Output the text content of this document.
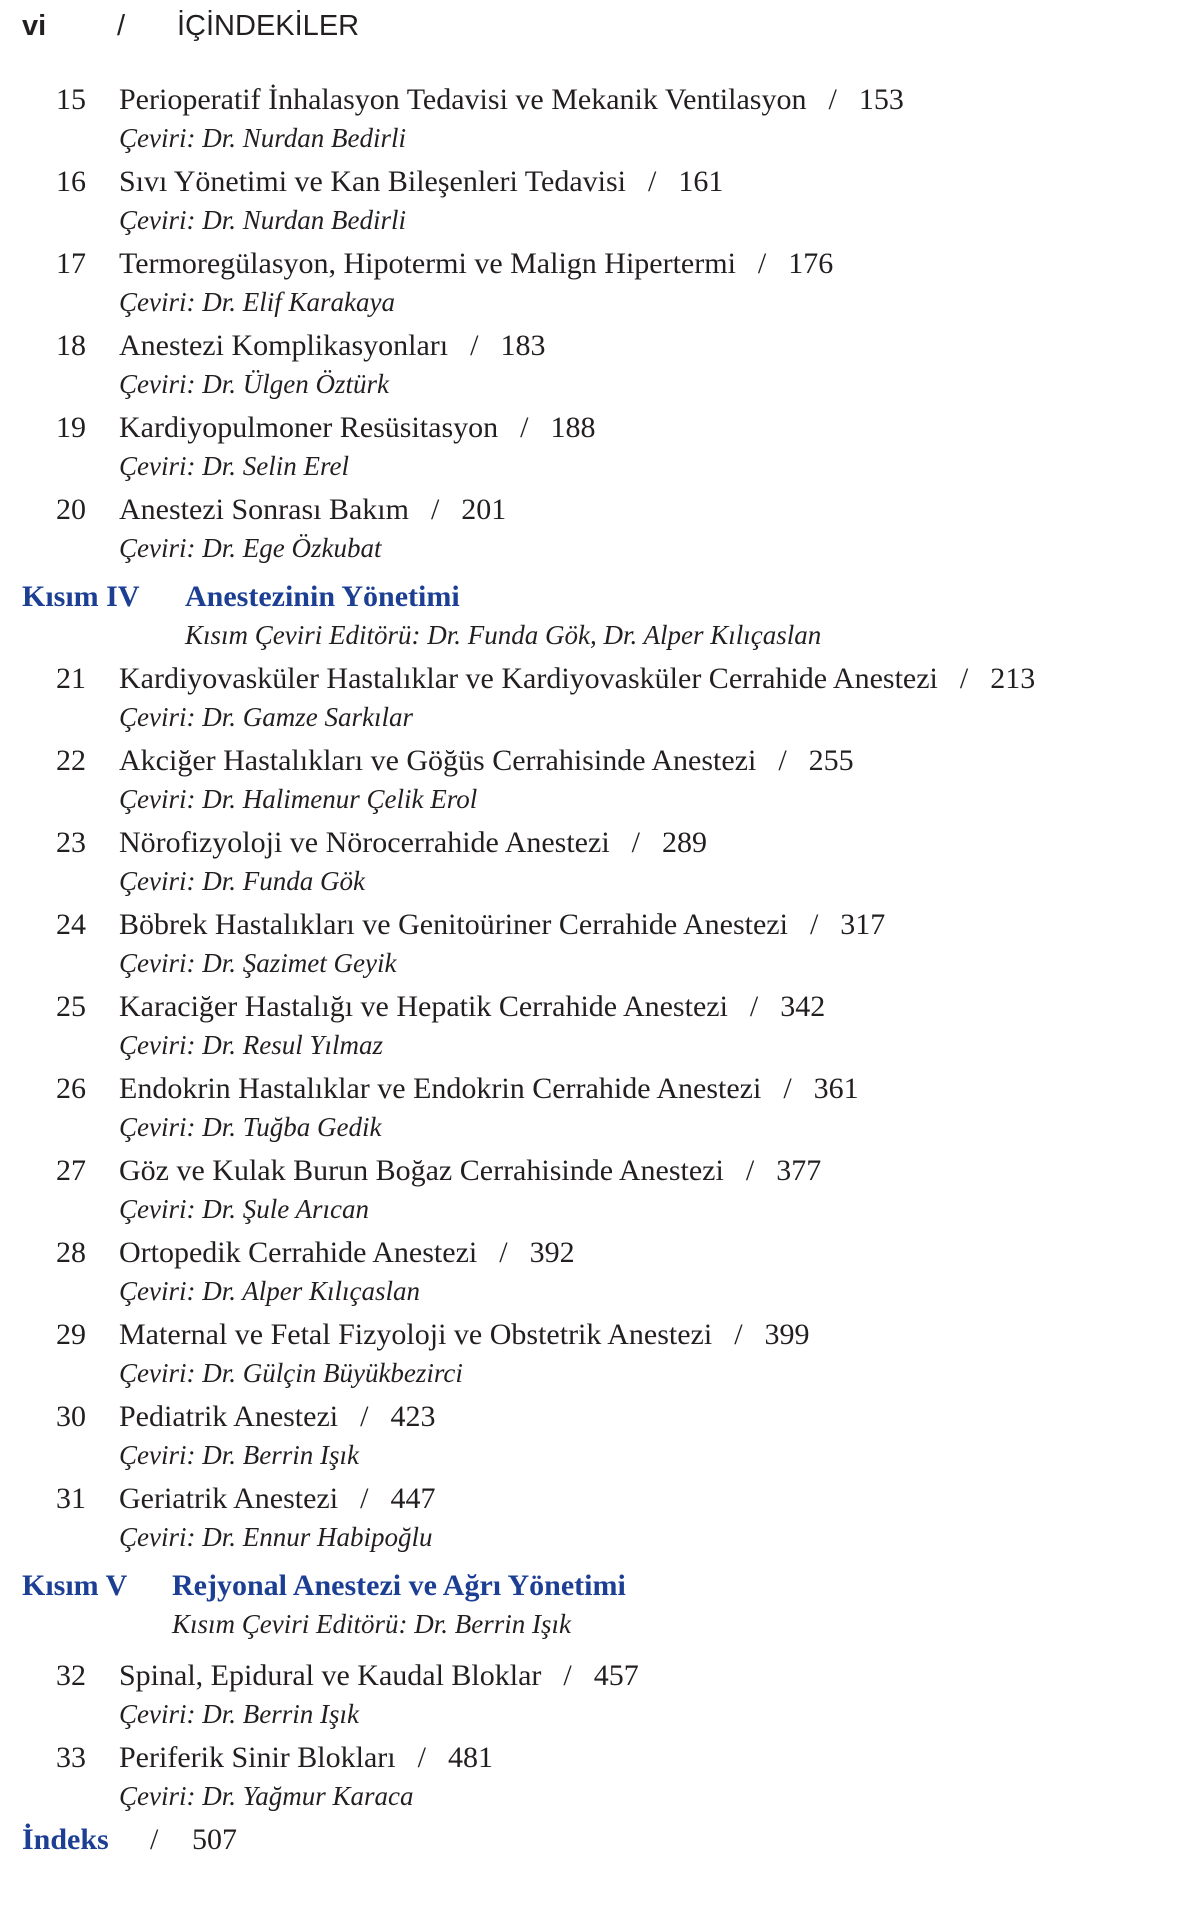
vi / İÇİNDEKİLER
15	Perioperatif İnhalasyon Tedavisi ve Mekanik Ventilasyon / 153
Çeviri: Dr. Nurdan Bedirli
16	Sıvı Yönetimi ve Kan Bileşenleri Tedavisi / 161
Çeviri: Dr. Nurdan Bedirli
17	Termoregülasyon, Hipotermi ve Malign Hipertermi / 176
Çeviri: Dr. Elif Karakaya
18	Anestezi Komplikasyonları / 183
Çeviri: Dr. Ülgen Öztürk
19	Kardiyopulmoner Resüsitasyon / 188
Çeviri: Dr. Selin Erel
20	Anestezi Sonrası Bakım / 201
Çeviri: Dr. Ege Özkubat
Kısım IV Anestezinin Yönetimi
Kısım Çeviri Editörü: Dr. Funda Gök, Dr. Alper Kılıçaslan
21	Kardiyovasküler Hastalıklar ve Kardiyovasküler Cerrahide Anestezi / 213
Çeviri: Dr. Gamze Sarkılar
22	Akciğer Hastalıkları ve Göğüs Cerrahisinde Anestezi / 255
Çeviri: Dr. Halimenur Çelik Erol
23	Nörofizyoloji ve Nörocerrahide Anestezi / 289
Çeviri: Dr. Funda Gök
24	Böbrek Hastalıkları ve Genitoüriner Cerrahide Anestezi / 317
Çeviri: Dr. Şazimet Geyik
25	Karaciğer Hastalığı ve Hepatik Cerrahide Anestezi / 342
Çeviri: Dr. Resul Yılmaz
26	Endokrin Hastalıklar ve Endokrin Cerrahide Anestezi / 361
Çeviri: Dr. Tuğba Gedik
27	Göz ve Kulak Burun Boğaz Cerrahisinde Anestezi / 377
Çeviri: Dr. Şule Arıcan
28	Ortopedik Cerrahide Anestezi / 392
Çeviri: Dr. Alper Kılıçaslan
29	Maternal ve Fetal Fizyoloji ve Obstetrik Anestezi / 399
Çeviri: Dr. Gülçin Büyükbezirci
30	Pediatrik Anestezi / 423
Çeviri: Dr. Berrin Işık
31	Geriatrik Anestezi / 447
Çeviri: Dr. Ennur Habipoğlu
Kısım V Rejyonal Anestezi ve Ağrı Yönetimi
Kısım Çeviri Editörü: Dr. Berrin Işık
32	Spinal, Epidural ve Kaudal Bloklar / 457
Çeviri: Dr. Berrin Işık
33	Periferik Sinir Blokları / 481
Çeviri: Dr. Yağmur Karaca
İndeks / 507
